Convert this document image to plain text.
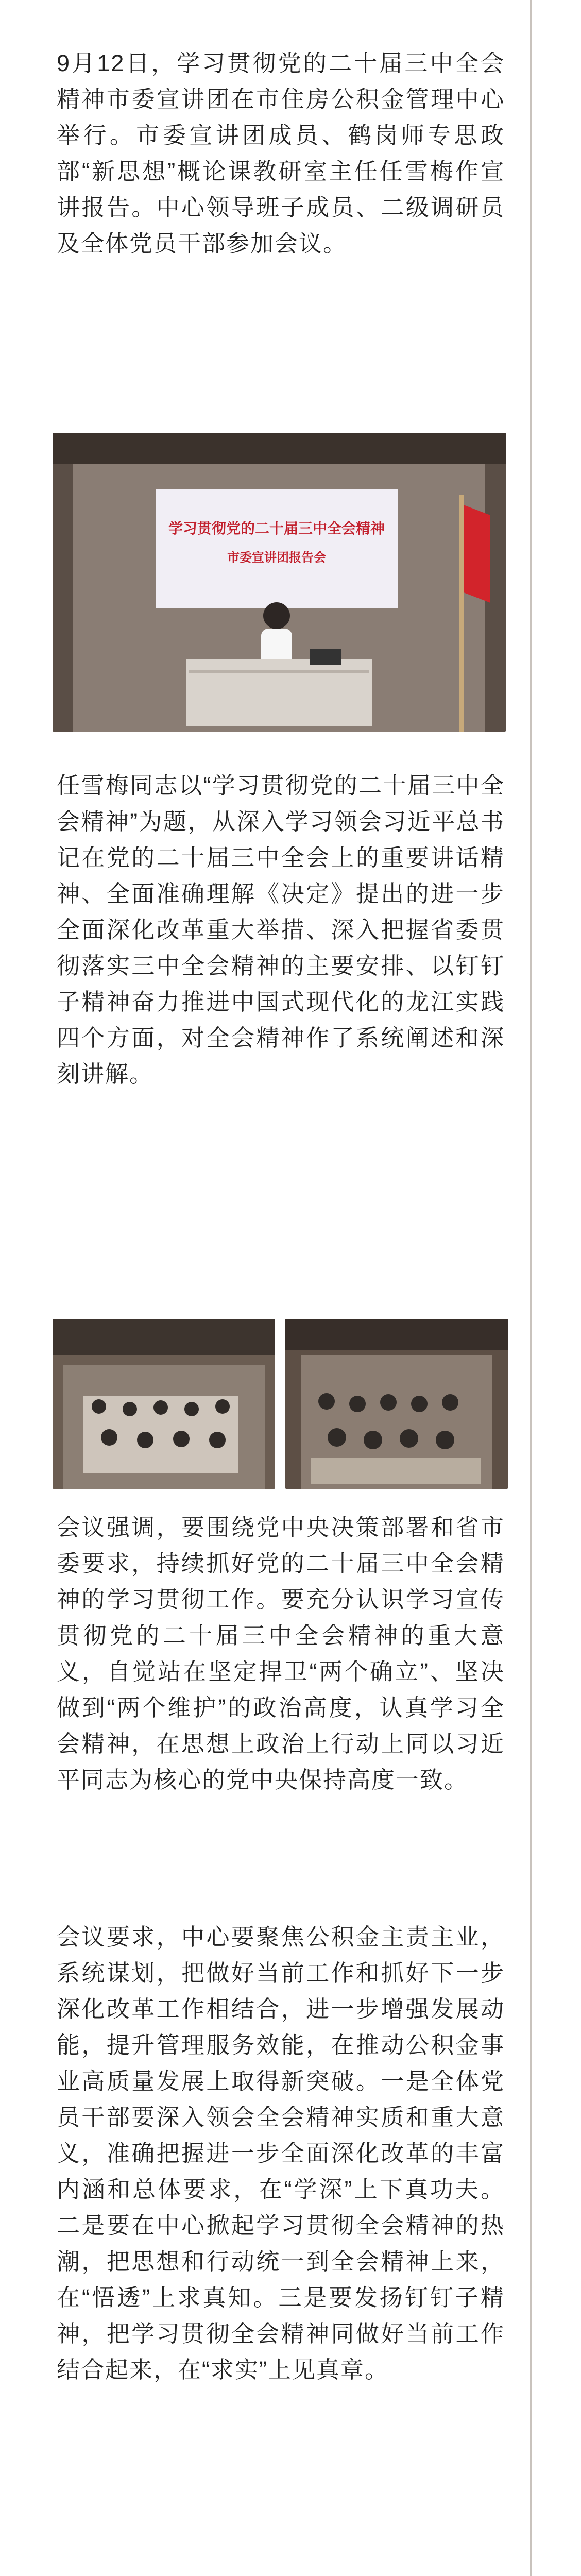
9月12日，学习贯彻党的二十届三中全会精神市委宣讲团在市住房公积金管理中心举行。市委宣讲团成员、鹤岗师专思政部“新思想”概论课教研室主任任雪梅作宣讲报告。中心领导班子成员、二级调研员及全体党员干部参加会议。

学习贯彻党的二十届三中全会精神
市委宣讲团报告会

任雪梅同志以“学习贯彻党的二十届三中全会精神”为题，从深入学习领会习近平总书记在党的二十届三中全会上的重要讲话精神、全面准确理解《决定》提出的进一步全面深化改革重大举措、深入把握省委贯彻落实三中全会精神的主要安排、以钉钉子精神奋力推进中国式现代化的龙江实践四个方面，对全会精神作了系统阐述和深刻讲解。

会议强调，要围绕党中央决策部署和省市委要求，持续抓好党的二十届三中全会精神的学习贯彻工作。要充分认识学习宣传贯彻党的二十届三中全会精神的重大意义，自觉站在坚定捍卫“两个确立”、坚决做到“两个维护”的政治高度，认真学习全会精神，在思想上政治上行动上同以习近平同志为核心的党中央保持高度一致。

会议要求，中心要聚焦公积金主责主业，系统谋划，把做好当前工作和抓好下一步深化改革工作相结合，进一步增强发展动能，提升管理服务效能，在推动公积金事业高质量发展上取得新突破。一是全体党员干部要深入领会全会精神实质和重大意义，准确把握进一步全面深化改革的丰富内涵和总体要求，在“学深”上下真功夫。二是要在中心掀起学习贯彻全会精神的热潮，把思想和行动统一到全会精神上来，在“悟透”上求真知。三是要发扬钉钉子精神，把学习贯彻全会精神同做好当前工作结合起来，在“求实”上见真章。
